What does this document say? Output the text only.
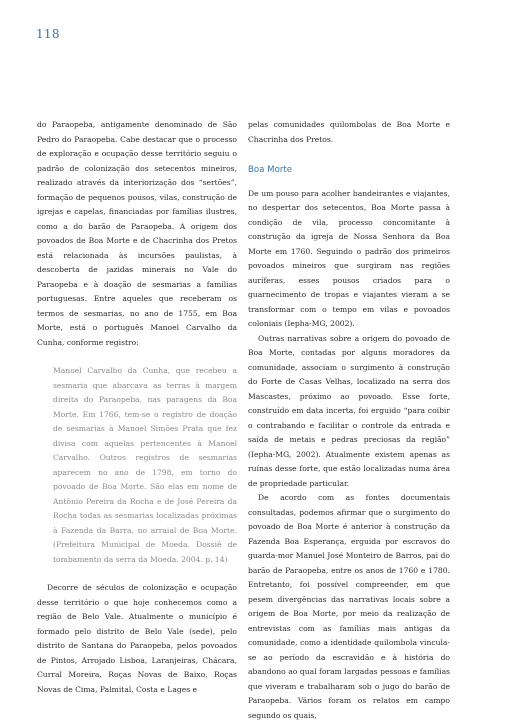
118

do Paraopeba, antigamente denominado de São Pedro do Paraopeba. Cabe destacar que o processo de exploração e ocupação desse território seguiu o padrão de colonização dos setecentos mineiros, realizado através da interiorização dos “sertões”, formação de pequenos pousos, vilas, construção de igrejas e capelas, financiadas por famílias ilustres, como a do barão de Paraopeba. A origem dos povoados de Boa Morte e de Chacrinha dos Pretos está relacionada às incursões paulistas, à descoberta de jazidas minerais no Vale do Paraopeba e à doação de sesmarias a famílias portuguesas. Entre aqueles que receberam os termos de sesmarias, no ano de 1755, em Boa Morte, está o português Manoel Carvalho da Cunha, conforme registro:

Manoel Carvalho da Cunha, que recebeu a sesmaria que abarcava as terras à margem direita do Paraopeba, nas paragens da Boa Morte. Em 1766, tem-se o registro de doação de sesmarias à Manoel Simões Prata que fez divisa com aquelas pertencentes à Manoel Carvalho. Outros registros de sesmarias aparecem no ano de 1798, em torno do povoado de Boa Morte. São elas em nome de Antônio Pereira da Rocha e de José Pereira da Rocha todas as sesmarias localizadas próximas à Fazenda da Barra, no arraial de Boa Morte. (Prefeitura Municipal de Moeda. Dossiê de tombamento da serra da Moeda. 2004. p. 14)

Decorre de séculos de colonização e ocupação desse território o que hoje conhecemos como a região de Belo Vale. Atualmente o município é formado pelo distrito de Belo Vale (sede), pelo distrito de Santana do Paraopeba, pelos povoados de Pintos, Arrojado Lisboa, Laranjeiras, Chácara, Curral Moreira, Roças Novas de Baixo, Roças Novas de Cima, Palmital, Costa e Lages e

pelas comunidades quilombolas de Boa Morte e Chacrinha dos Pretos.

Boa Morte

De um pouso para acolher bandeirantes e viajantes, no despertar dos setecentos, Boa Morte passa à condição de vila, processo concomitante à construção da igreja de Nossa Senhora da Boa Morte em 1760. Seguindo o padrão dos primeiros povoados mineiros que surgiram nas regiões auríferas, esses pousos criados para o guarnecimento de tropas e viajantes vieram a se transformar com o tempo em vilas e povoados coloniais (Iepha-MG, 2002).

Outras narrativas sobre a origem do povoado de Boa Morte, contadas por alguns moradores da comunidade, associam o surgimento à construção do Forte de Casas Velhas, localizado na serra dos Mascastes, próximo ao povoado. Esse forte, construído em data incerta, foi erguido “para coibir o contrabando e facilitar o controle da entrada e saída de metais e pedras preciosas da região” (Iepha-MG, 2002). Atualmente existem apenas as ruínas desse forte, que estão localizadas numa área de propriedade particular.

De acordo com as fontes documentais consultadas, podemos afirmar que o surgimento do povoado de Boa Morte é anterior à construção da Fazenda Boa Esperança, erguida por escravos do guarda-mor Manuel José Monteiro de Barros, pai do barão de Paraopeba, entre os anos de 1760 e 1780. Entretanto, foi possível compreender, em que pesem divergências das narrativas locais sobre a origem de Boa Morte, por meio da realização de entrevistas com as famílias mais antigas da comunidade, como a identidade quilombola vincula-se ao período da escravidão e à história do abandono ao qual foram largadas pessoas e famílias que viveram e trabalharam sob o jugo do barão de Paraopeba. Vários foram os relatos em campo segundo os quais,
